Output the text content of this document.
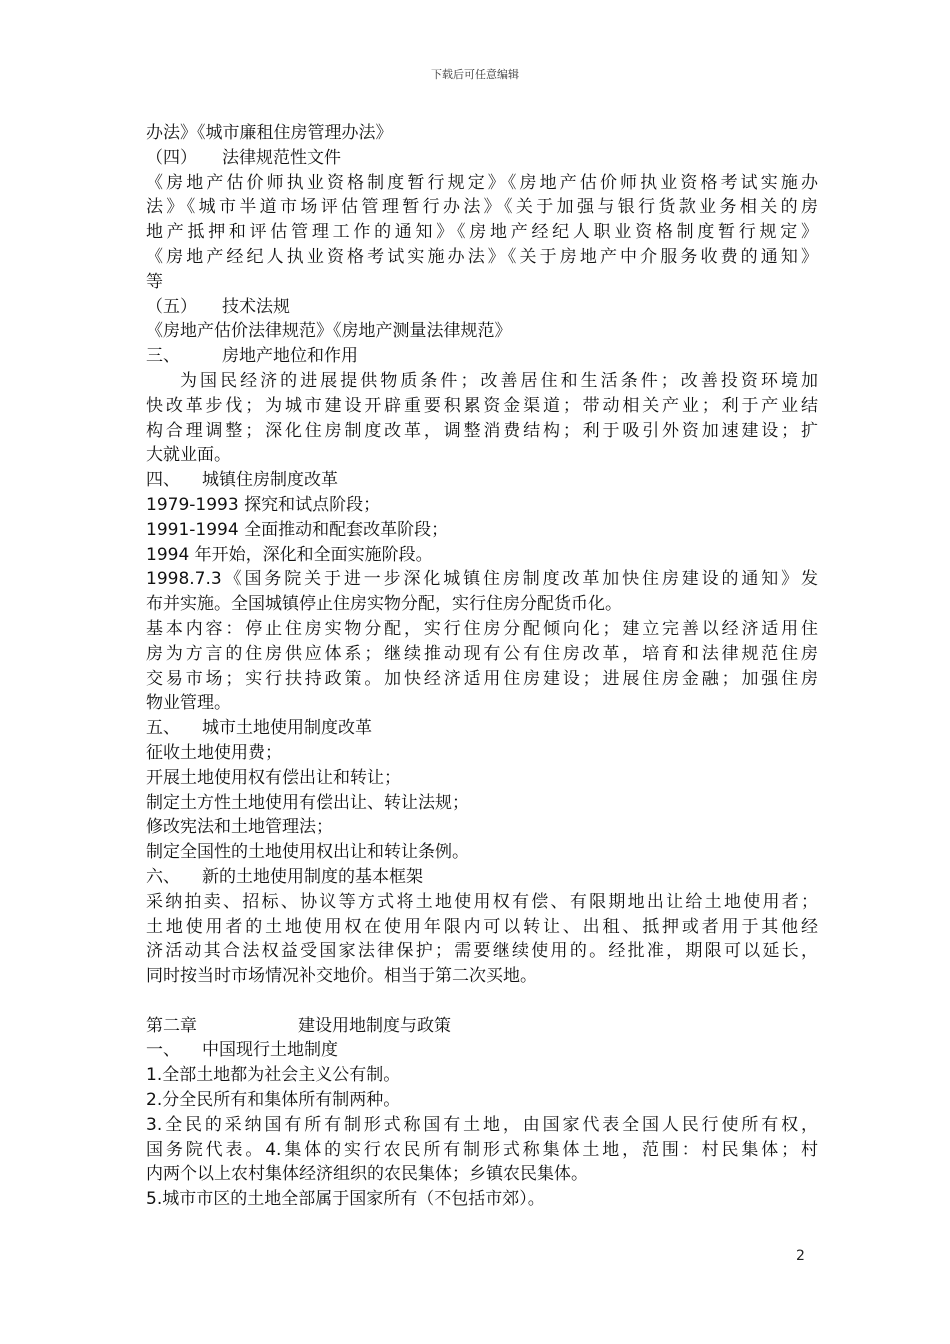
下载后可任意编辑
办法》《城市廉租住房管理办法》
（四） 法律规范性文件
《房地产估价师执业资格制度暂行规定》《房地产估价师执业资格考试实施办
法》《城市半道市场评估管理暂行办法》《关于加强与银行货款业务相关的房
地产抵押和评估管理工作的通知》《房地产经纪人职业资格制度暂行规定》
《房地产经纪人执业资格考试实施办法》《关于房地产中介服务收费的通知》
等
（五） 技术法规
《房地产估价法律规范》《房地产测量法律规范》
三、 房地产地位和作用
为国民经济的进展提供物质条件；改善居住和生活条件；改善投资环境加
快改革步伐；为城市建设开辟重要积累资金渠道；带动相关产业；利于产业结
构合理调整；深化住房制度改革，调整消费结构；利于吸引外资加速建设；扩
大就业面。
四、 城镇住房制度改革
1979-1993 探究和试点阶段；
1991-1994 全面推动和配套改革阶段；
1994 年开始，深化和全面实施阶段。
1998.7.3《国务院关于进一步深化城镇住房制度改革加快住房建设的通知》发
布并实施。全国城镇停止住房实物分配，实行住房分配货币化。
基本内容：停止住房实物分配，实行住房分配倾向化；建立完善以经济适用住
房为方言的住房供应体系；继续推动现有公有住房改革，培育和法律规范住房
交易市场；实行扶持政策。加快经济适用住房建设；进展住房金融；加强住房
物业管理。
五、 城市土地使用制度改革
征收土地使用费；
开展土地使用权有偿出让和转让；
制定土方性土地使用有偿出让、转让法规；
修改宪法和土地管理法；
制定全国性的土地使用权出让和转让条例。
六、 新的土地使用制度的基本框架
采纳拍卖、招标、协议等方式将土地使用权有偿、有限期地出让给土地使用者；
土地使用者的土地使用权在使用年限内可以转让、出租、抵押或者用于其他经
济活动其合法权益受国家法律保护；需要继续使用的。经批准，期限可以延长，
同时按当时市场情况补交地价。相当于第二次买地。
第二章	建设用地制度与政策
一、 中国现行土地制度
1.全部土地都为社会主义公有制。
2.分全民所有和集体所有制两种。
3.全民的采纳国有所有制形式称国有土地，由国家代表全国人民行使所有权，
国务院代表。4.集体的实行农民所有制形式称集体土地，范围：村民集体；村
内两个以上农村集体经济组织的农民集体；乡镇农民集体。
5.城市市区的土地全部属于国家所有（不包括市郊）。
2
